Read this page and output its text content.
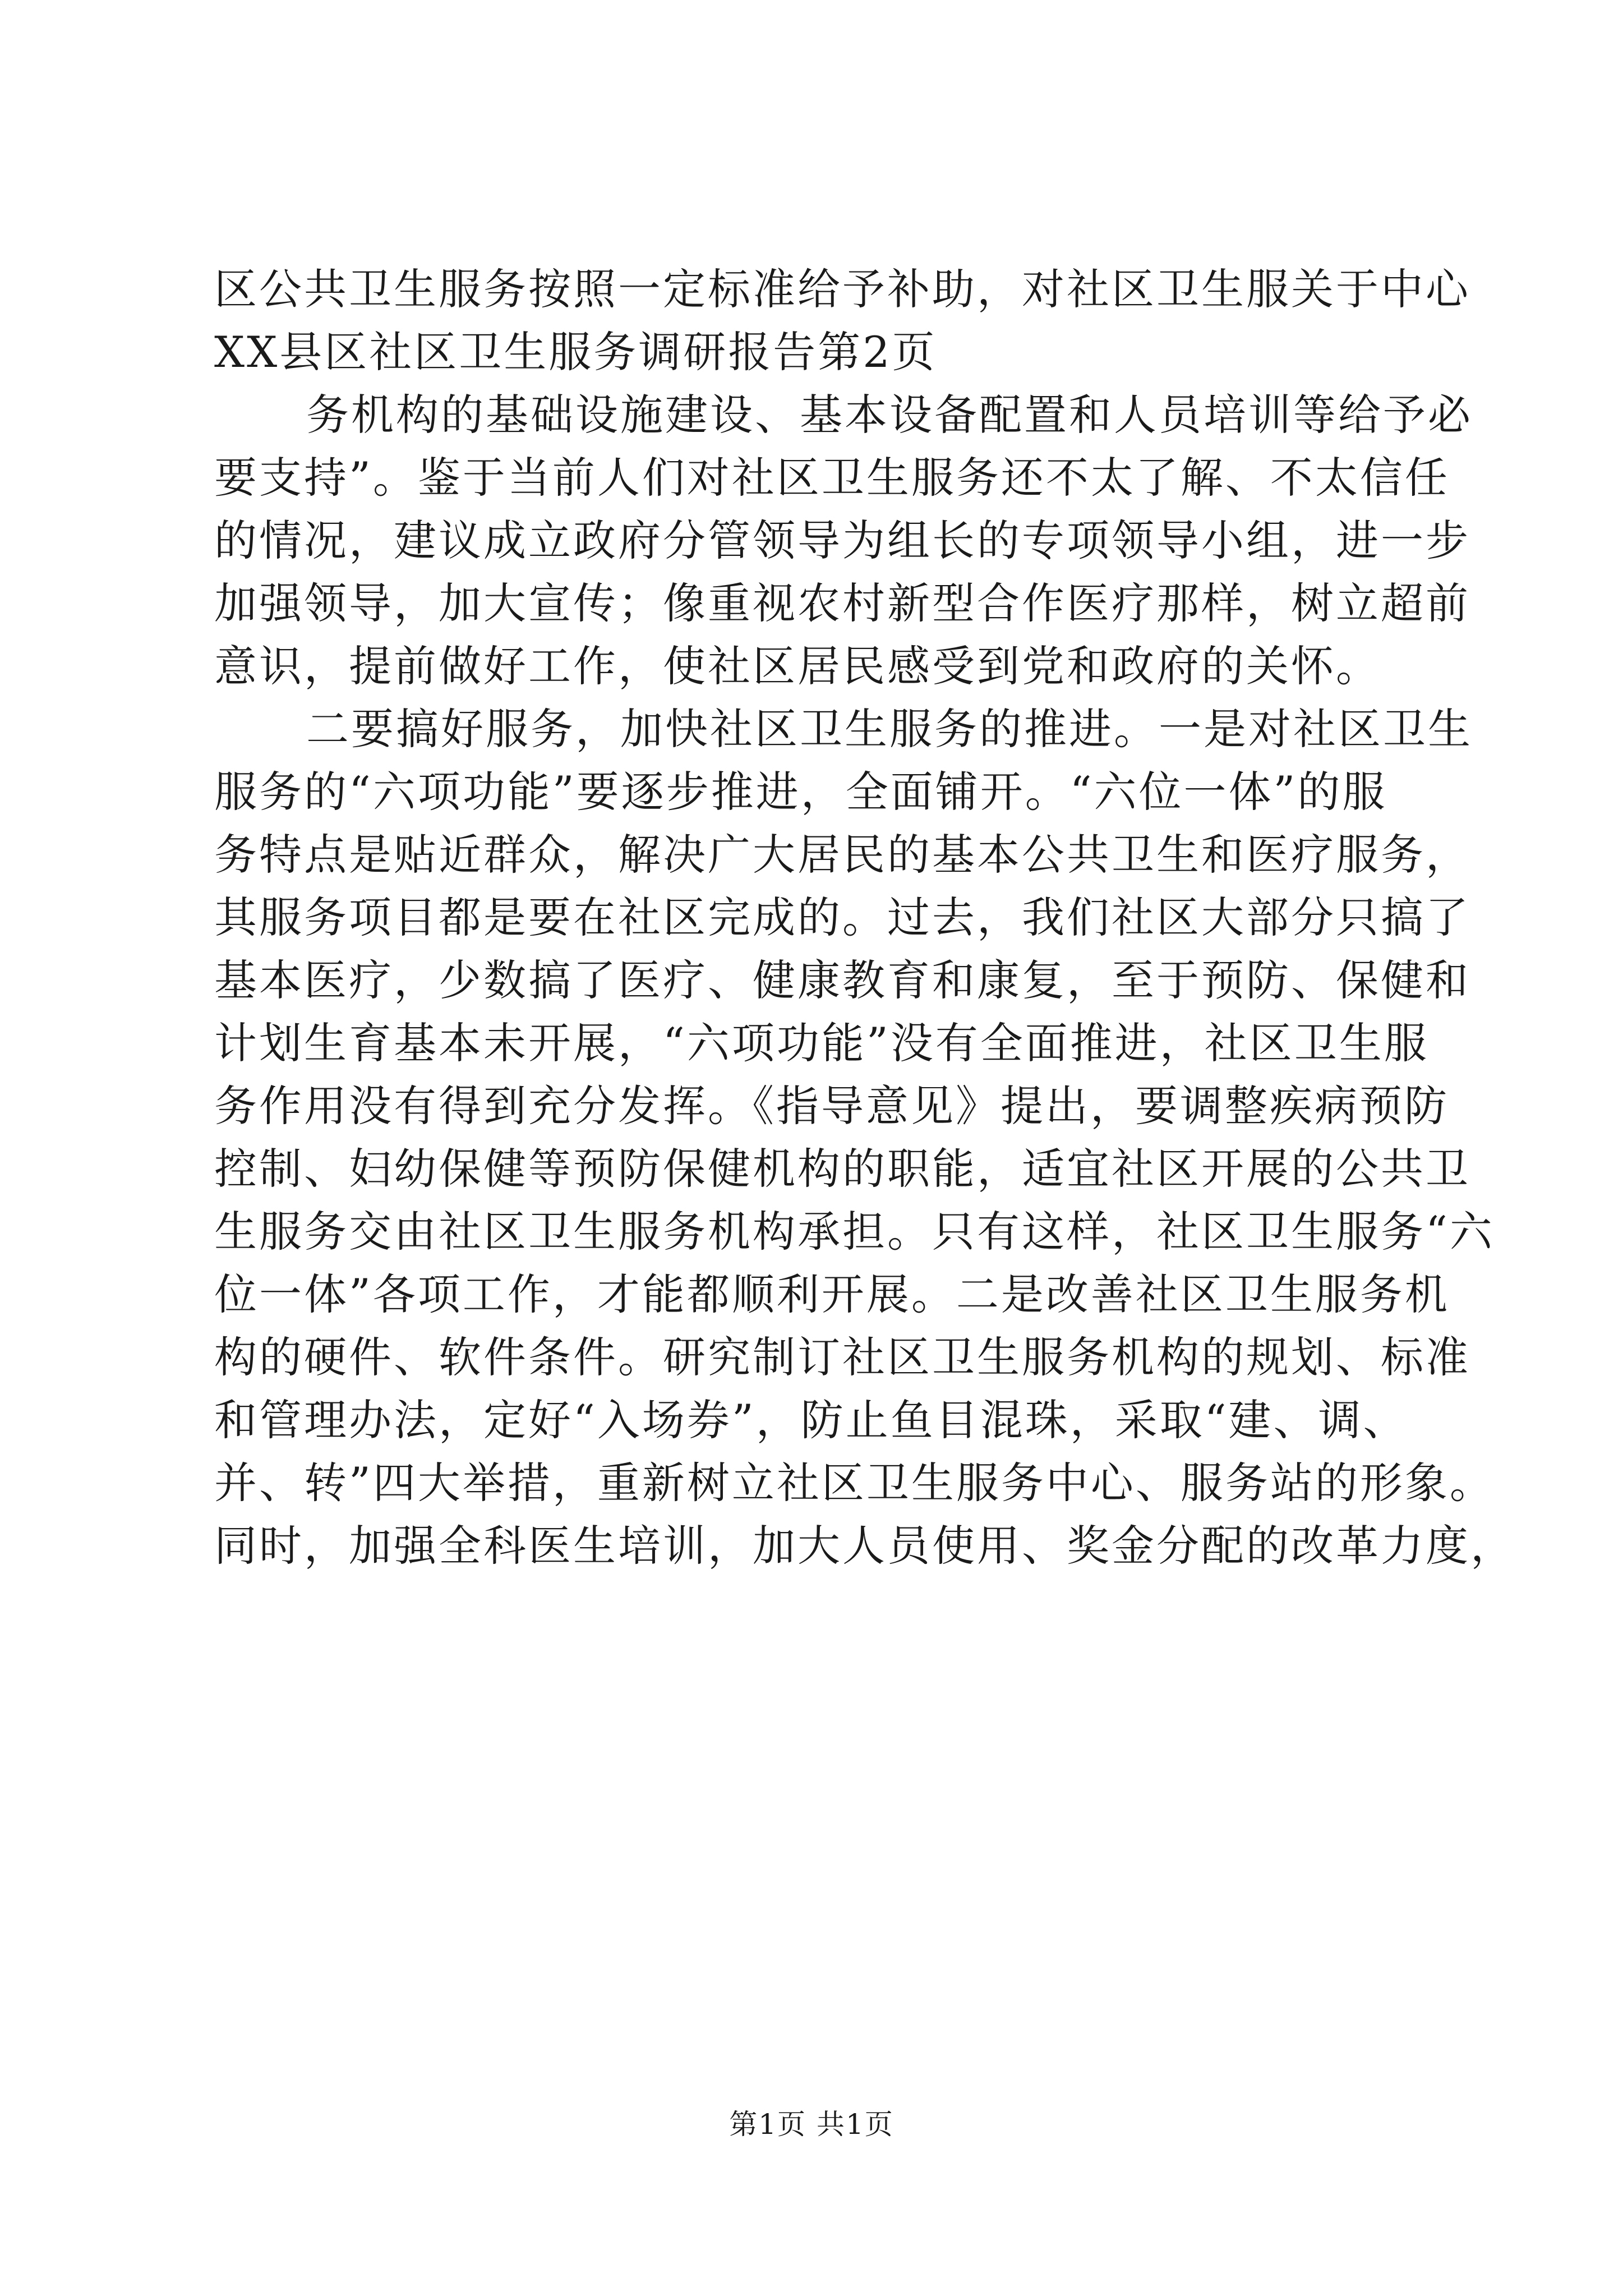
区公共卫生服务按照一定标准给予补助，对社区卫生服关于中心
XX县区社区卫生服务调研报告第2页
务机构的基础设施建设、基本设备配置和人员培训等给予必
要支持”。鉴于当前人们对社区卫生服务还不太了解、不太信任
的情况，建议成立政府分管领导为组长的专项领导小组，进一步
加强领导，加大宣传；像重视农村新型合作医疗那样，树立超前
意识，提前做好工作，使社区居民感受到党和政府的关怀。
二要搞好服务，加快社区卫生服务的推进。一是对社区卫生
服务的“六项功能”要逐步推进，全面铺开。“六位一体”的服
务特点是贴近群众，解决广大居民的基本公共卫生和医疗服务，
其服务项目都是要在社区完成的。过去，我们社区大部分只搞了
基本医疗，少数搞了医疗、健康教育和康复，至于预防、保健和
计划生育基本未开展，“六项功能”没有全面推进，社区卫生服
务作用没有得到充分发挥。《指导意见》提出，要调整疾病预防
控制、妇幼保健等预防保健机构的职能，适宜社区开展的公共卫
生服务交由社区卫生服务机构承担。只有这样，社区卫生服务“六
位一体”各项工作，才能都顺利开展。二是改善社区卫生服务机
构的硬件、软件条件。研究制订社区卫生服务机构的规划、标准
和管理办法，定好“入场券”，防止鱼目混珠，采取“建、调、
并、转”四大举措，重新树立社区卫生服务中心、服务站的形象。
同时，加强全科医生培训，加大人员使用、奖金分配的改革力度，
第1页 共1页
